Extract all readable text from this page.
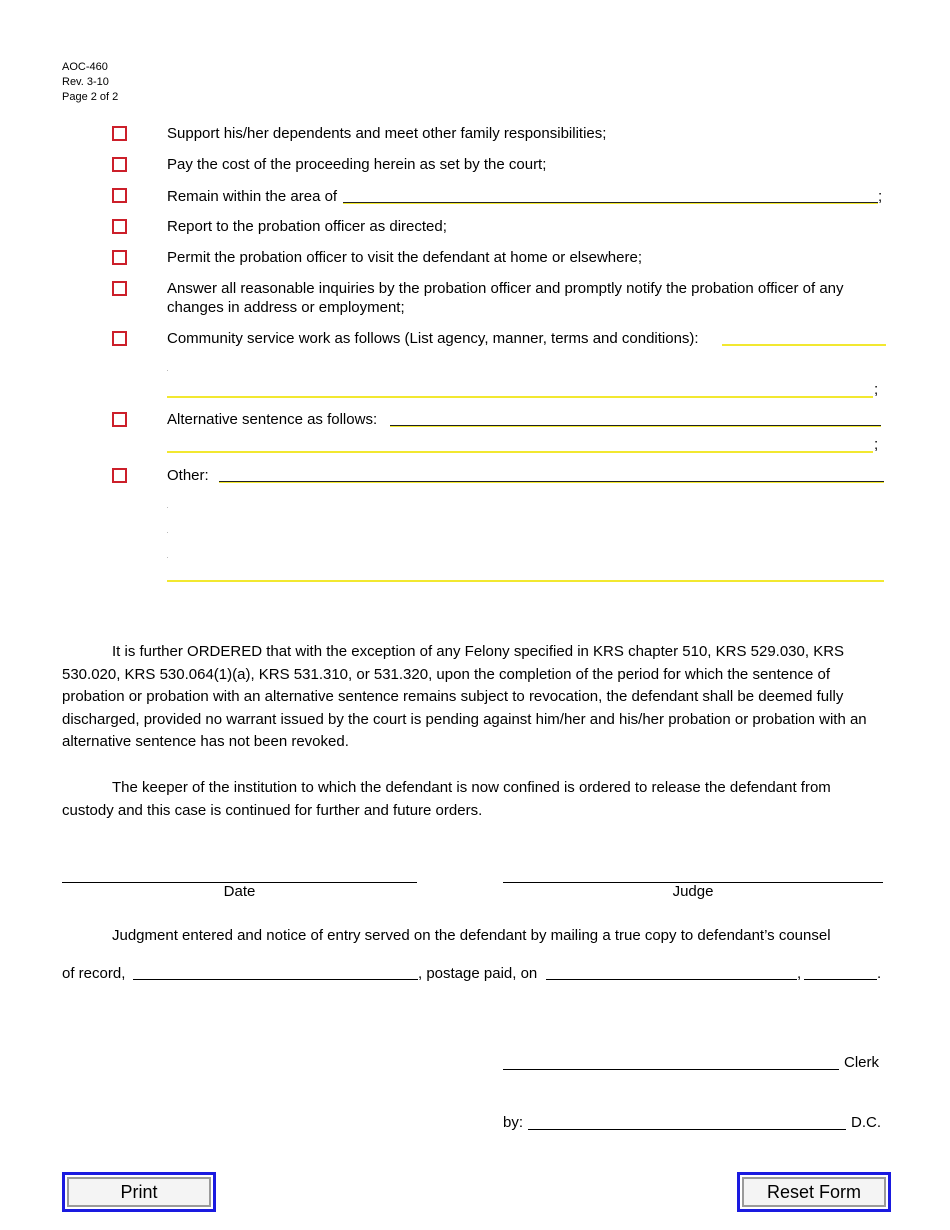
AOC-460
Rev. 3-10
Page 2 of 2
Support his/her dependents and meet other family responsibilities;
Pay the cost of the proceeding herein as set by the court;
Remain within the area of	;
Report to the probation officer as directed;
Permit the probation officer to visit the defendant at home or elsewhere;
Answer all reasonable inquiries by the probation officer and promptly notify the probation officer of any changes in address or employment;
Community service work as follows (List agency, manner, terms and conditions):
;
Alternative sentence as follows:
;
Other:
It is further ORDERED that with the exception of any Felony specified in KRS chapter 510, KRS 529.030, KRS 530.020, KRS 530.064(1)(a), KRS 531.310, or 531.320, upon the completion of the period for which the sentence of probation or probation with an alternative sentence remains subject to revocation, the defendant shall be deemed fully discharged, provided no warrant issued by the court is pending against him/her and his/her probation or probation with an alternative sentence has not been revoked.
The keeper of the institution to which the defendant is now confined is ordered to release the defendant from custody and this case is continued for further and future orders.
Date	Judge
Judgment entered and notice of entry served on the defendant by mailing a true copy to defendant’s counsel
of record,	, postage paid, on	,	.
Clerk
by:	D.C.
Print	Reset Form
